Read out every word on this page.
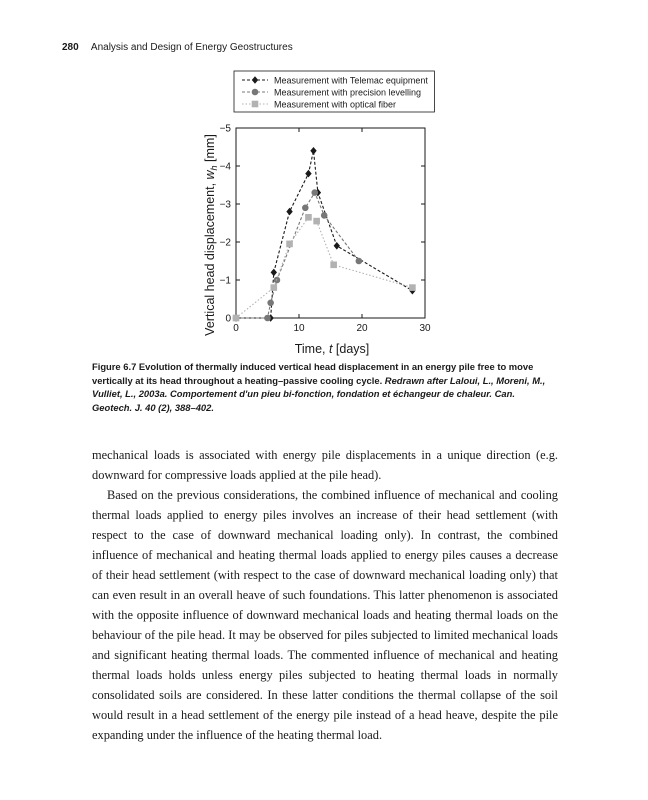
280 Analysis and Design of Energy Geostructures
Measurement with Telemac equipment
Measurement with precision levelling
Measurement with optical fiber
0	10	20	30
0
−1
−2
−3
−4
−5
Vertical head displacement, $w_h$ [mm]
Time, t [days]
Figure 6.7 Evolution of thermally induced vertical head displacement in an energy pile free to move vertically at its head throughout a heating–passive cooling cycle. Redrawn after Laloui, L., Moreni, M., Vulliet, L., 2003a. Comportement d'un pieu bi-fonction, fondation et échangeur de chaleur. Can. Geotech. J. 40 (2), 388–402.

mechanical loads is associated with energy pile displacements in a unique direction (e.g. downward for compressive loads applied at the pile head).

Based on the previous considerations, the combined influence of mechanical and cooling thermal loads applied to energy piles involves an increase of their head settlement (with respect to the case of downward mechanical loading only). In contrast, the combined influence of mechanical and heating thermal loads applied to energy piles causes a decrease of their head settlement (with respect to the case of downward mechanical loading only) that can even result in an overall heave of such foundations. This latter phenomenon is associated with the opposite influence of downward mechanical loads and heating thermal loads on the behaviour of the pile head. It may be observed for piles subjected to limited mechanical loads and significant heating thermal loads. The commented influence of mechanical and heating thermal loads holds unless energy piles subjected to heating thermal loads in normally consolidated soils are considered. In these latter conditions the thermal collapse of the soil would result in a head settlement of the energy pile instead of a head heave, despite the pile expanding under the influence of the heating thermal load.
